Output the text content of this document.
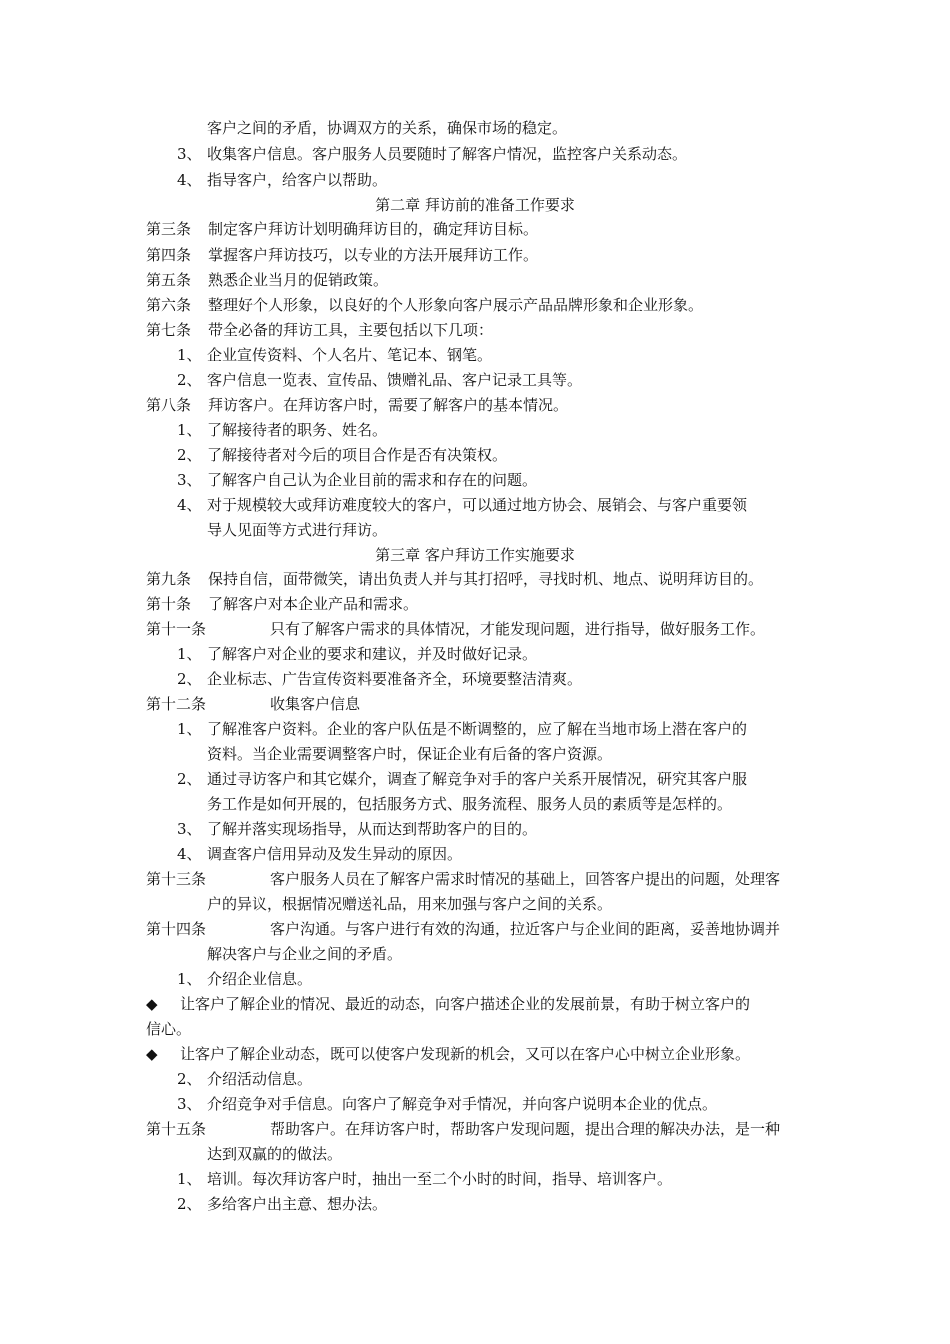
客户之间的矛盾，协调双方的关系，确保市场的稳定。
3、 收集客户信息。客户服务人员要随时了解客户情况，监控客户关系动态。
4、 指导客户，给客户以帮助。
第二章 拜访前的准备工作要求
第三条 制定客户拜访计划明确拜访目的，确定拜访目标。
第四条 掌握客户拜访技巧，以专业的方法开展拜访工作。
第五条 熟悉企业当月的促销政策。
第六条 整理好个人形象，以良好的个人形象向客户展示产品品牌形象和企业形象。
第七条 带全必备的拜访工具，主要包括以下几项：
1、 企业宣传资料、个人名片、笔记本、钢笔。
2、 客户信息一览表、宣传品、馈赠礼品、客户记录工具等。
第八条 拜访客户。在拜访客户时，需要了解客户的基本情况。
1、 了解接待者的职务、姓名。
2、 了解接待者对今后的项目合作是否有决策权。
3、 了解客户自己认为企业目前的需求和存在的问题。
4、 对于规模较大或拜访难度较大的客户，可以通过地方协会、展销会、与客户重要领
导人见面等方式进行拜访。
第三章 客户拜访工作实施要求
第九条 保持自信，面带微笑，请出负责人并与其打招呼，寻找时机、地点、说明拜访目的。
第十条 了解客户对本企业产品和需求。
第十一条	只有了解客户需求的具体情况，才能发现问题，进行指导，做好服务工作。
1、 了解客户对企业的要求和建议，并及时做好记录。
2、 企业标志、广告宣传资料要准备齐全，环境要整洁清爽。
第十二条	收集客户信息
1、 了解准客户资料。企业的客户队伍是不断调整的，应了解在当地市场上潜在客户的
资料。当企业需要调整客户时，保证企业有后备的客户资源。
2、 通过寻访客户和其它媒介，调查了解竞争对手的客户关系开展情况，研究其客户服
务工作是如何开展的，包括服务方式、服务流程、服务人员的素质等是怎样的。
3、 了解并落实现场指导，从而达到帮助客户的目的。
4、 调查客户信用异动及发生异动的原因。
第十三条	客户服务人员在了解客户需求时情况的基础上，回答客户提出的问题，处理客
户的异议，根据情况赠送礼品，用来加强与客户之间的关系。
第十四条	客户沟通。与客户进行有效的沟通，拉近客户与企业间的距离，妥善地协调并
解决客户与企业之间的矛盾。
1、 介绍企业信息。
◆ 让客户了解企业的情况、最近的动态，向客户描述企业的发展前景，有助于树立客户的
信心。
◆ 让客户了解企业动态，既可以使客户发现新的机会，又可以在客户心中树立企业形象。
2、 介绍活动信息。
3、 介绍竞争对手信息。向客户了解竞争对手情况，并向客户说明本企业的优点。
第十五条	帮助客户。在拜访客户时，帮助客户发现问题，提出合理的解决办法，是一种
达到双赢的的做法。
1、 培训。每次拜访客户时，抽出一至二个小时的时间，指导、培训客户。
2、 多给客户出主意、想办法。
